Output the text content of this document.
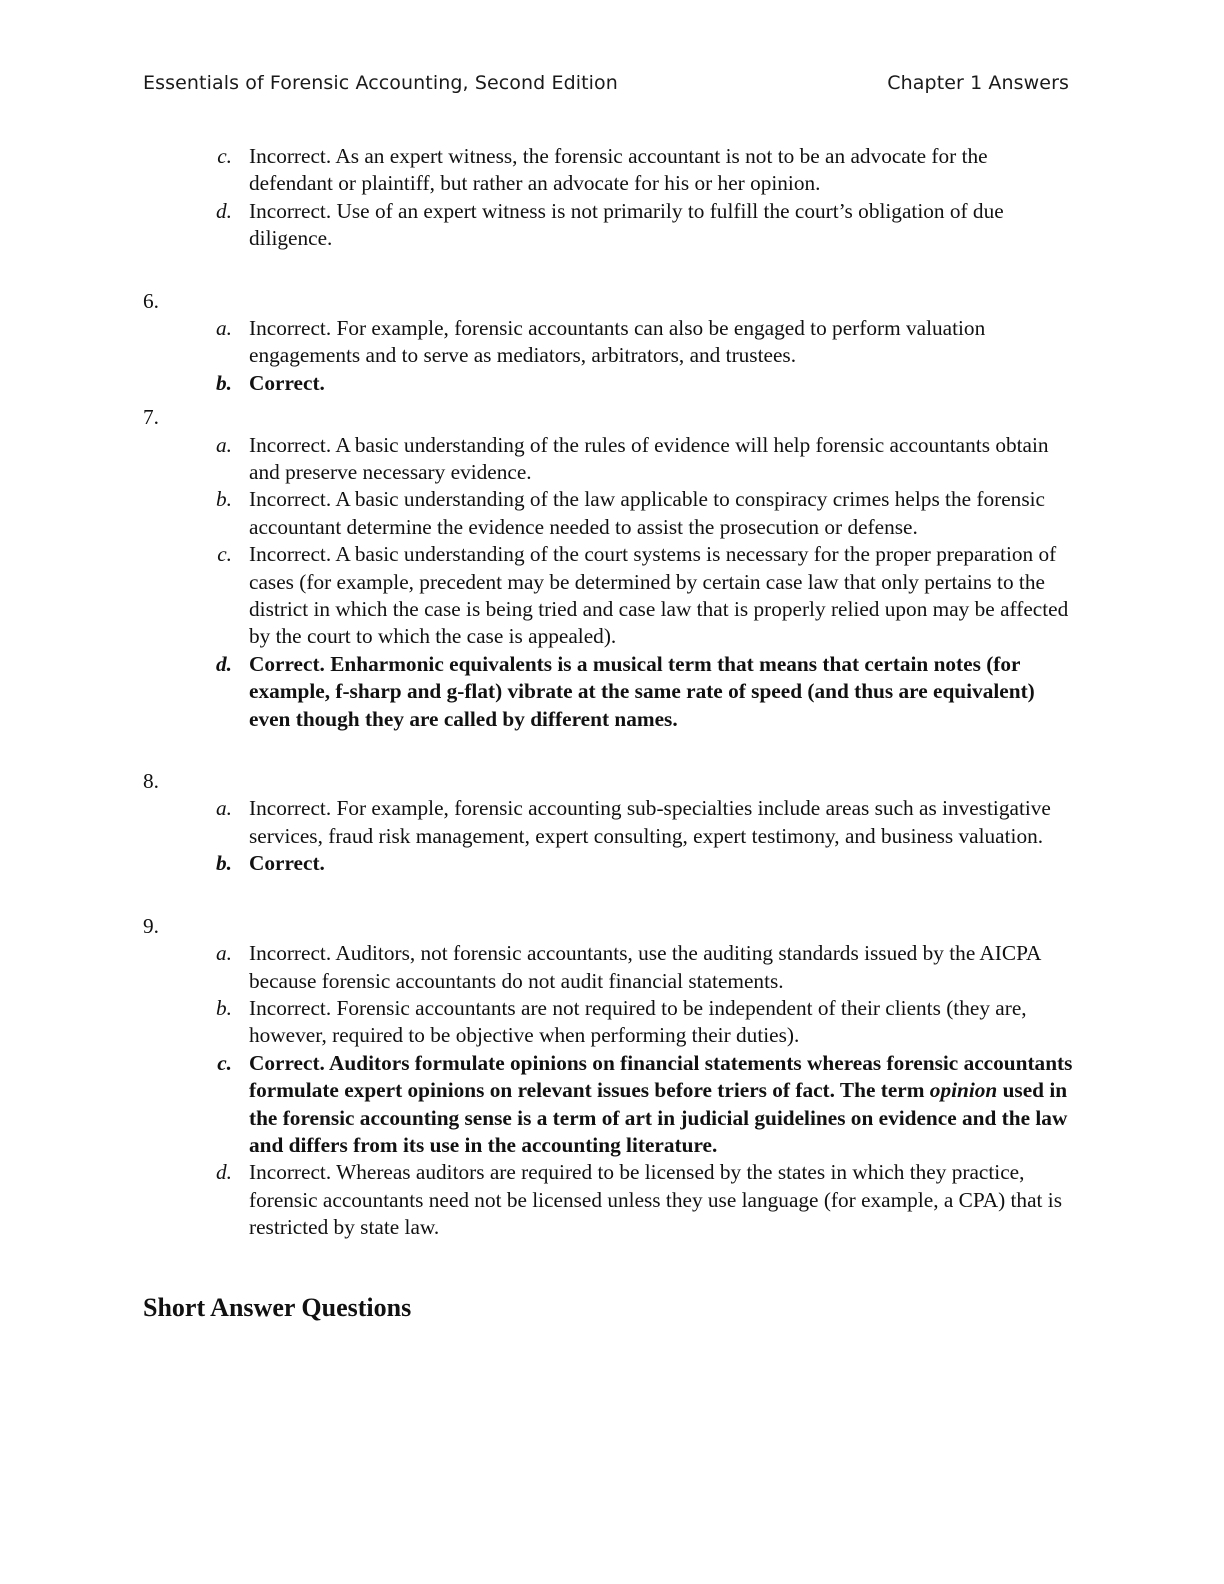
Essentials of Forensic Accounting, Second Edition	Chapter 1 Answers
c. Incorrect. As an expert witness, the forensic accountant is not to be an advocate for the defendant or plaintiff, but rather an advocate for his or her opinion.
d. Incorrect. Use of an expert witness is not primarily to fulfill the court’s obligation of due diligence.
6.
a. Incorrect. For example, forensic accountants can also be engaged to perform valuation engagements and to serve as mediators, arbitrators, and trustees.
b. Correct.
7.
a. Incorrect. A basic understanding of the rules of evidence will help forensic accountants obtain and preserve necessary evidence.
b. Incorrect. A basic understanding of the law applicable to conspiracy crimes helps the forensic accountant determine the evidence needed to assist the prosecution or defense.
c. Incorrect. A basic understanding of the court systems is necessary for the proper preparation of cases (for example, precedent may be determined by certain case law that only pertains to the district in which the case is being tried and case law that is properly relied upon may be affected by the court to which the case is appealed).
d. Correct. Enharmonic equivalents is a musical term that means that certain notes (for example, f-sharp and g-flat) vibrate at the same rate of speed (and thus are equivalent) even though they are called by different names.
8.
a. Incorrect. For example, forensic accounting sub-specialties include areas such as investigative services, fraud risk management, expert consulting, expert testimony, and business valuation.
b. Correct.
9.
a. Incorrect. Auditors, not forensic accountants, use the auditing standards issued by the AICPA because forensic accountants do not audit financial statements.
b. Incorrect. Forensic accountants are not required to be independent of their clients (they are, however, required to be objective when performing their duties).
c. Correct. Auditors formulate opinions on financial statements whereas forensic accountants formulate expert opinions on relevant issues before triers of fact. The term opinion used in the forensic accounting sense is a term of art in judicial guidelines on evidence and the law and differs from its use in the accounting literature.
d. Incorrect. Whereas auditors are required to be licensed by the states in which they practice, forensic accountants need not be licensed unless they use language (for example, a CPA) that is restricted by state law.
Short Answer Questions
